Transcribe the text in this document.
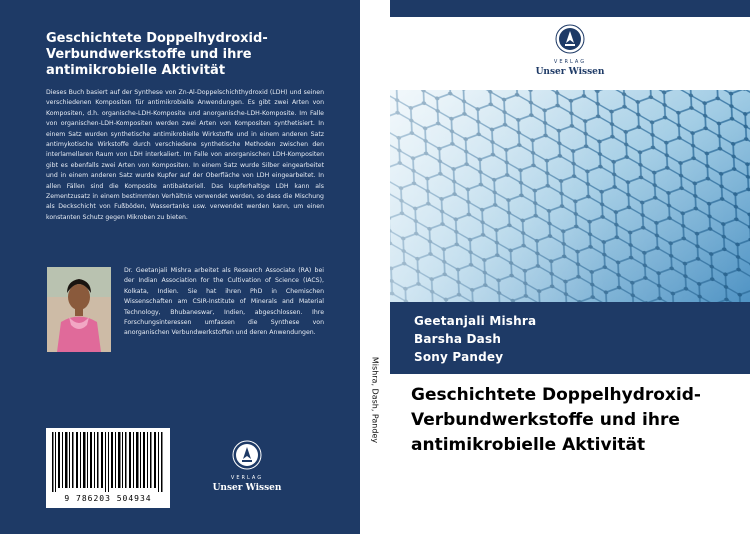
Geschichtete Doppelhydroxid-Verbundwerkstoffe und ihre antimikrobielle Aktivität
Dieses Buch basiert auf der Synthese von Zn-Al-Doppelschichthydroxid (LDH) und seinen verschiedenen Kompositen für antimikrobielle Anwendungen. Es gibt zwei Arten von Kompositen, d.h. organische-LDH-Komposite und anorganische-LDH-Komposite. Im Falle von organischen-LDH-Kompositen werden zwei Arten von Kompositen synthetisiert. In einem Satz wurden synthetische antimikrobielle Wirkstoffe und in einem anderen Satz antimykotische Wirkstoffe durch verschiedene synthetische Methoden zwischen den interlamellaren Raum von LDH interkaliert. Im Falle von anorganischen LDH-Kompositen gibt es ebenfalls zwei Arten von Kompositen. In einem Satz wurde Silber eingearbeitet und in einem anderen Satz wurde Kupfer auf der Oberfläche von LDH eingearbeitet. In allen Fällen sind die Komposite antibakteriell. Das kupferhaltige LDH kann als Zementzusatz in einem bestimmten Verhältnis verwendet werden, so dass die Mischung als Deckschicht von Fußböden, Wassertanks usw. verwendet werden kann, um einen konstanten Schutz gegen Mikroben zu bieten.
Dr. Geetanjali Mishra arbeitet als Research Associate (RA) bei der Indian Association for the Cultivation of Science (IACS), Kolkata, Indien. Sie hat ihren PhD in Chemischen Wissenschaften am CSIR-Institute of Minerals and Material Technology, Bhubaneswar, Indien, abgeschlossen. Ihre Forschungsinteressen umfassen die Synthese von anorganischen Verbundwerkstoffen und deren Anwendungen.
9 786203 504934
VERLAG
Unser Wissen
Mishra, Dash, Pandey
VERLAG
Unser Wissen
Geetanjali Mishra
Barsha Dash
Sony Pandey
Geschichtete Doppelhydroxid-Verbundwerkstoffe und ihre antimikrobielle Aktivität
